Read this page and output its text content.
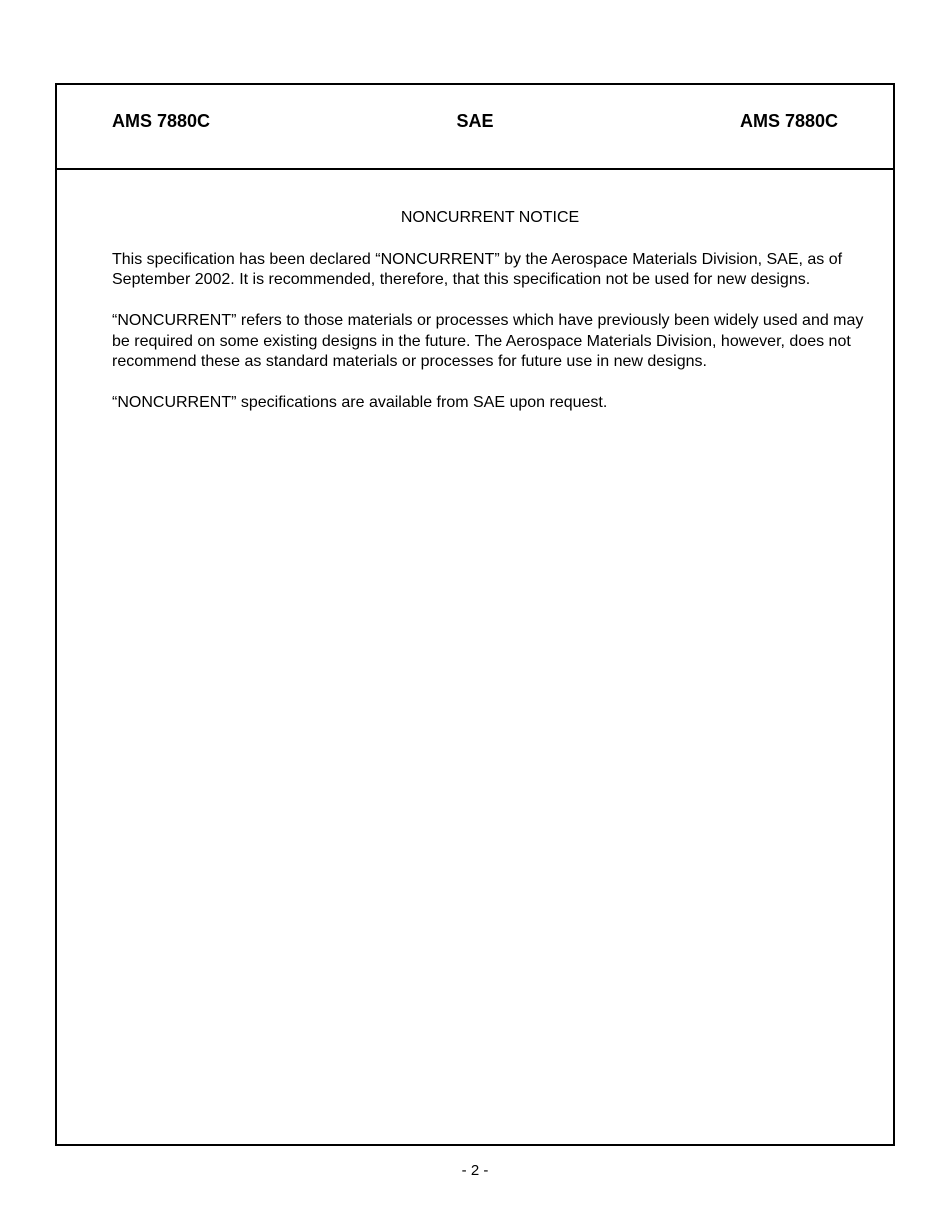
AMS 7880C	SAE	AMS 7880C

NONCURRENT NOTICE

This specification has been declared “NONCURRENT” by the Aerospace Materials Division, SAE, as of September 2002. It is recommended, therefore, that this specification not be used for new designs.

“NONCURRENT” refers to those materials or processes which have previously been widely used and may be required on some existing designs in the future. The Aerospace Materials Division, however, does not recommend these as standard materials or processes for future use in new designs.

“NONCURRENT” specifications are available from SAE upon request.

- 2 -
